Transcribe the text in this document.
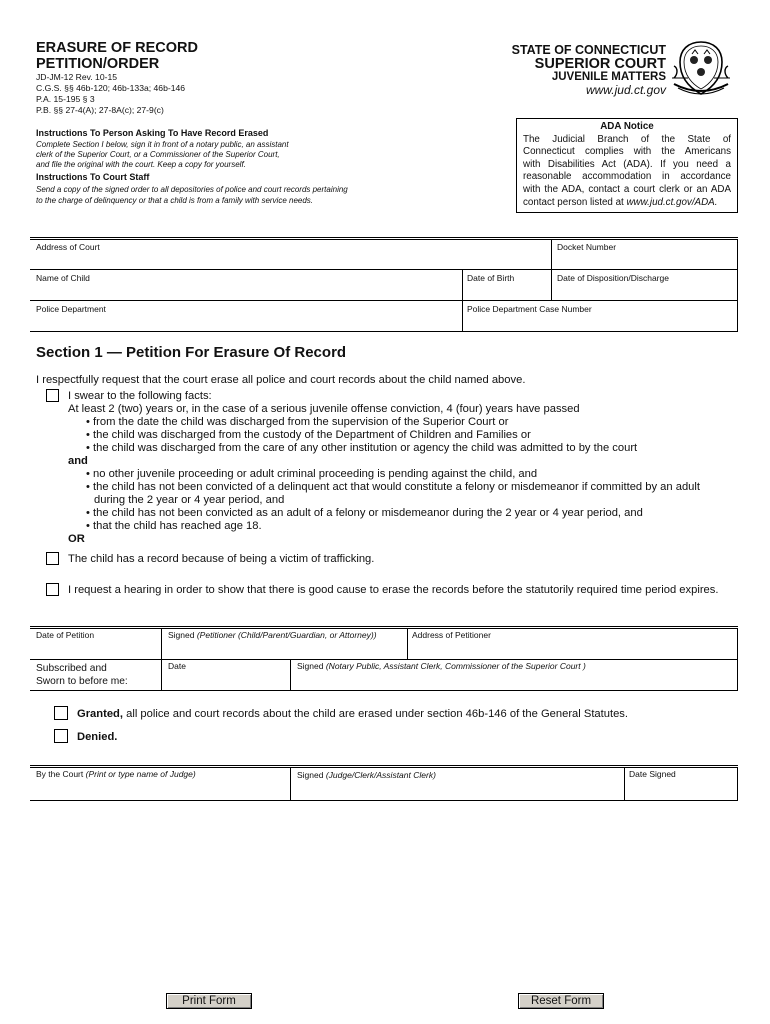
ERASURE OF RECORD
PETITION/ORDER
JD-JM-12 Rev. 10-15
C.G.S. §§ 46b-120; 46b-133a; 46b-146
P.A. 15-195 § 3
P.B. §§ 27-4(A); 27-8A(c); 27-9(c)
STATE OF CONNECTICUT
SUPERIOR COURT
JUVENILE MATTERS
www.jud.ct.gov
Instructions To Person Asking To Have Record Erased
Complete Section I below, sign it in front of a notary public, an assistant
clerk of the Superior Court, or a Commissioner of the Superior Court,
and file the original with the court. Keep a copy for yourself.
Instructions To Court Staff
Send a copy of the signed order to all depositories of police and court records pertaining
to the charge of delinquency or that a child is from a family with service needs.
ADA Notice

The Judicial Branch of the State of

Connecticut complies with the Americans

with Disabilities Act (ADA). If you need a

reasonable accommodation in accordance

with the ADA, contact a court clerk or an ADA

contact person listed at www.jud.ct.gov/ADA.

Address of Court	Docket Number
Name of Child	Date of Birth	Date of Disposition/Discharge
Police Department	Police Department Case Number
Section 1 — Petition For Erasure Of Record
I respectfully request that the court erase all police and court records about the child named above.
I swear to the following facts:
At least 2 (two) years or, in the case of a serious juvenile offense conviction, 4 (four) years have passed
• from the date the child was discharged from the supervision of the Superior Court or
• the child was discharged from the custody of the Department of Children and Families or
• the child was discharged from the care of any other institution or agency the child was admitted to by the court
and
• no other juvenile proceeding or adult criminal proceeding is pending against the child, and
• the child has not been convicted of a delinquent act that would constitute a felony or misdemeanor if committed by an adult
during the 2 year or 4 year period, and
• the child has not been convicted as an adult of a felony or misdemeanor during the 2 year or 4 year period, and
• that the child has reached age 18.
OR
The child has a record because of being a victim of trafficking.
I request a hearing in order to show that there is good cause to erase the records before the statutorily required time period expires.
Date of Petition	Signed (Petitioner (Child/Parent/Guardian, or Attorney))	Address of Petitioner
Subscribed and
Sworn to before me:
Date	Signed (Notary Public, Assistant Clerk, Commissioner of the Superior Court )
Granted, all police and court records about the child are erased under section 46b-146 of the General Statutes.
Denied.
By the Court (Print or type name of Judge)	Signed (Judge/Clerk/Assistant Clerk)	Date Signed
Print Form	Reset Form
